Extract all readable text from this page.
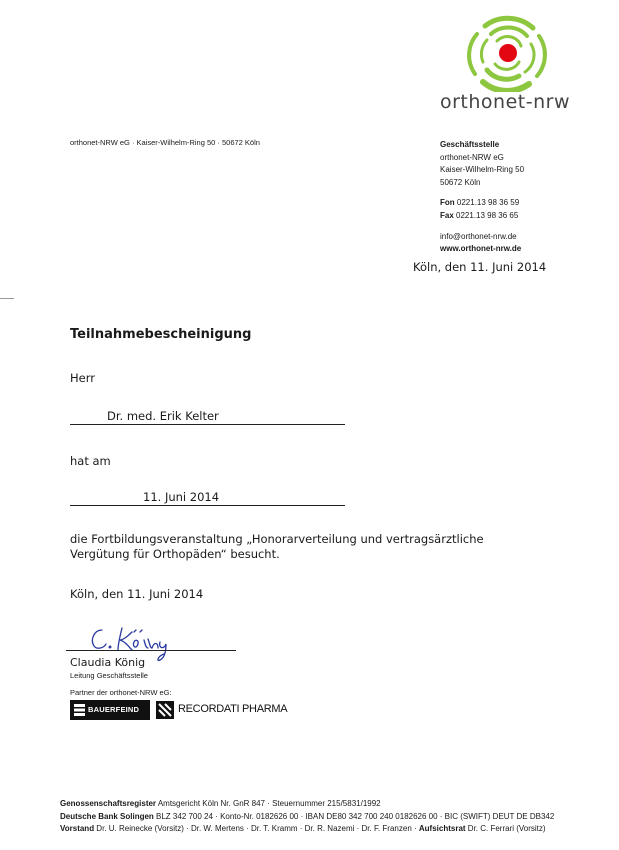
orthonet-nrw
orthonet-NRW eG · Kaiser-Wilhelm-Ring 50 · 50672 Köln	Geschäftsstelle
orthonet-NRW eG
Kaiser-Wilhelm-Ring 50
50672 Köln
Fon 0221.13 98 36 59
Fax 0221.13 98 36 65
info@orthonet-nrw.de
www.orthonet-nrw.de
Köln, den 11. Juni 2014
Teilnahmebescheinigung
Herr
Dr. med. Erik Kelter
hat am
11. Juni 2014
die Fortbildungsveranstaltung „Honorarverteilung und vertragsärztliche
Vergütung für Orthopäden“ besucht.
Köln, den 11. Juni 2014
Claudia König
Leitung Geschäftsstelle
Partner der orthonet-NRW eG:
BAUERFEIND	RECORDATI PHARMA
Genossenschaftsregister Amtsgericht Köln Nr. GnR 847 · Steuernummer 215/5831/1992
Deutsche Bank Solingen BLZ 342 700 24 · Konto-Nr. 0182626 00 · IBAN DE80 342 700 240 0182626 00 · BIC (SWIFT) DEUT DE DB342
Vorstand Dr. U. Reinecke (Vorsitz) · Dr. W. Mertens · Dr. T. Kramm · Dr. R. Nazemi · Dr. F. Franzen · Aufsichtsrat Dr. C. Ferrari (Vorsitz)
